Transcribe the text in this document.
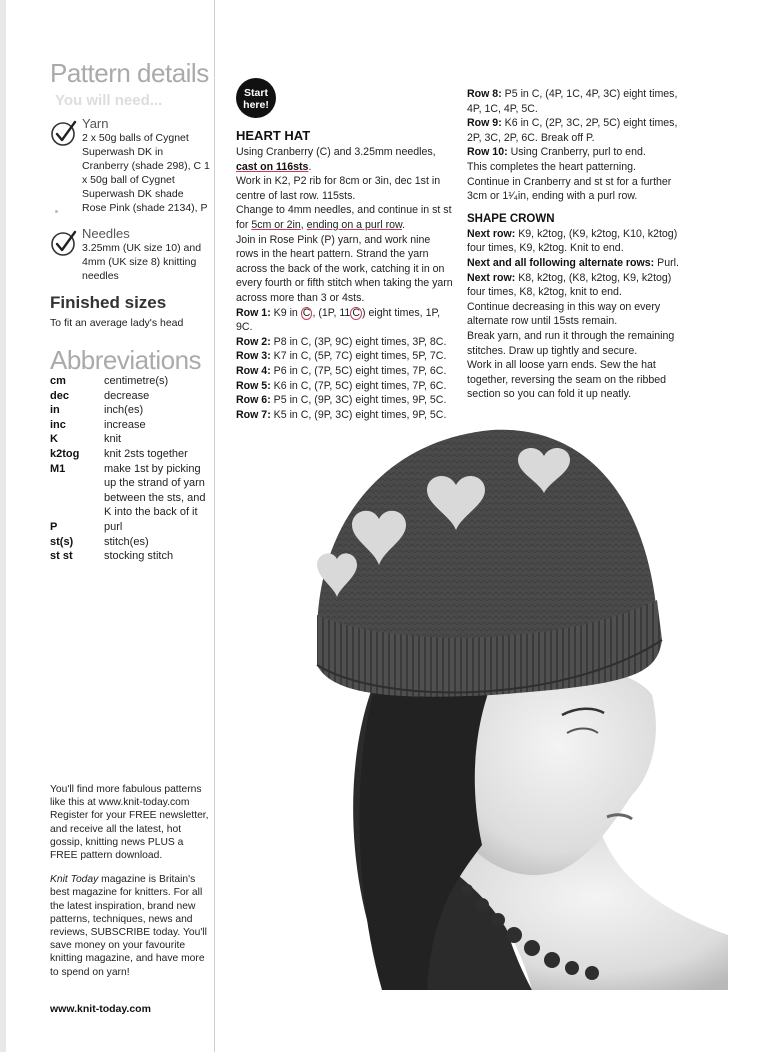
Pattern details
You will need...
Yarn
2 x 50g balls of Cygnet Superwash DK in Cranberry (shade 298), C 1 x 50g ball of Cygnet Superwash DK shade Rose Pink (shade 2134), P
Needles
3.25mm (UK size 10) and 4mm (UK size 8) knitting needles
Finished sizes
To fit an average lady's head
Abbreviations
cm	centimetre(s)
dec	decrease
in	inch(es)
inc	increase
K	knit
k2tog	knit 2sts together
M1	make 1st by picking up the strand of yarn between the sts, and K into the back of it
P	purl
st(s)	stitch(es)
st st	stocking stitch

You'll find more fabulous patterns like this at www.knit-today.com Register for your FREE newsletter, and receive all the latest, hot gossip, knitting news PLUS a FREE pattern download.

Knit Today magazine is Britain's best magazine for knitters. For all the latest inspiration, brand new patterns, techniques, news and reviews, SUBSCRIBE today. You'll save money on your favourite knitting magazine, and have more to spend on yarn!

www.knit-today.com
Start
here!
HEART HAT

Using Cranberry (C) and 3.25mm needles, cast on 116sts.

Work in K2, P2 rib for 8cm or 3in, dec 1st in centre of last row. 115sts.

Change to 4mm needles, and continue in st st for 5cm or 2in, ending on a purl row.

Join in Rose Pink (P) yarn, and work nine rows in the heart pattern. Strand the yarn across the back of the work, catching it in on every fourth or fifth stitch when taking the yarn across more than 3 or 4sts.

Row 1: K9 in C , (1P, 11 C ) eight times, 1P, 9C.

Row 2: P8 in C, (3P, 9C) eight times, 3P, 8C.

Row 3: K7 in C, (5P, 7C) eight times, 5P, 7C.

Row 4: P6 in C, (7P, 5C) eight times, 7P, 6C.

Row 5: K6 in C, (7P, 5C) eight times, 7P, 6C.

Row 6: P5 in C, (9P, 3C) eight times, 9P, 5C.

Row 7: K5 in C, (9P, 3C) eight times, 9P, 5C.

Row 8: P5 in C, (4P, 1C, 4P, 3C) eight times, 4P, 1C, 4P, 5C.

Row 9: K6 in C, (2P, 3C, 2P, 5C) eight times, 2P, 3C, 2P, 6C. Break off P.

Row 10: Using Cranberry, purl to end.

This completes the heart patterning.

Continue in Cranberry and st st for a further 3cm or 1¹⁄₄in, ending with a purl row.

SHAPE CROWN

Next row: K9, k2tog, (K9, k2tog, K10, k2tog) four times, K9, k2tog. Knit to end.

Next and all following alternate rows: Purl.

Next row: K8, k2tog, (K8, k2tog, K9, k2tog) four times, K8, k2tog, knit to end.

Continue decreasing in this way on every alternate row until 15sts remain.

Break yarn, and run it through the remaining stitches. Draw up tightly and secure.

Work in all loose yarn ends. Sew the hat together, reversing the seam on the ribbed section so you can fold it up neatly.
